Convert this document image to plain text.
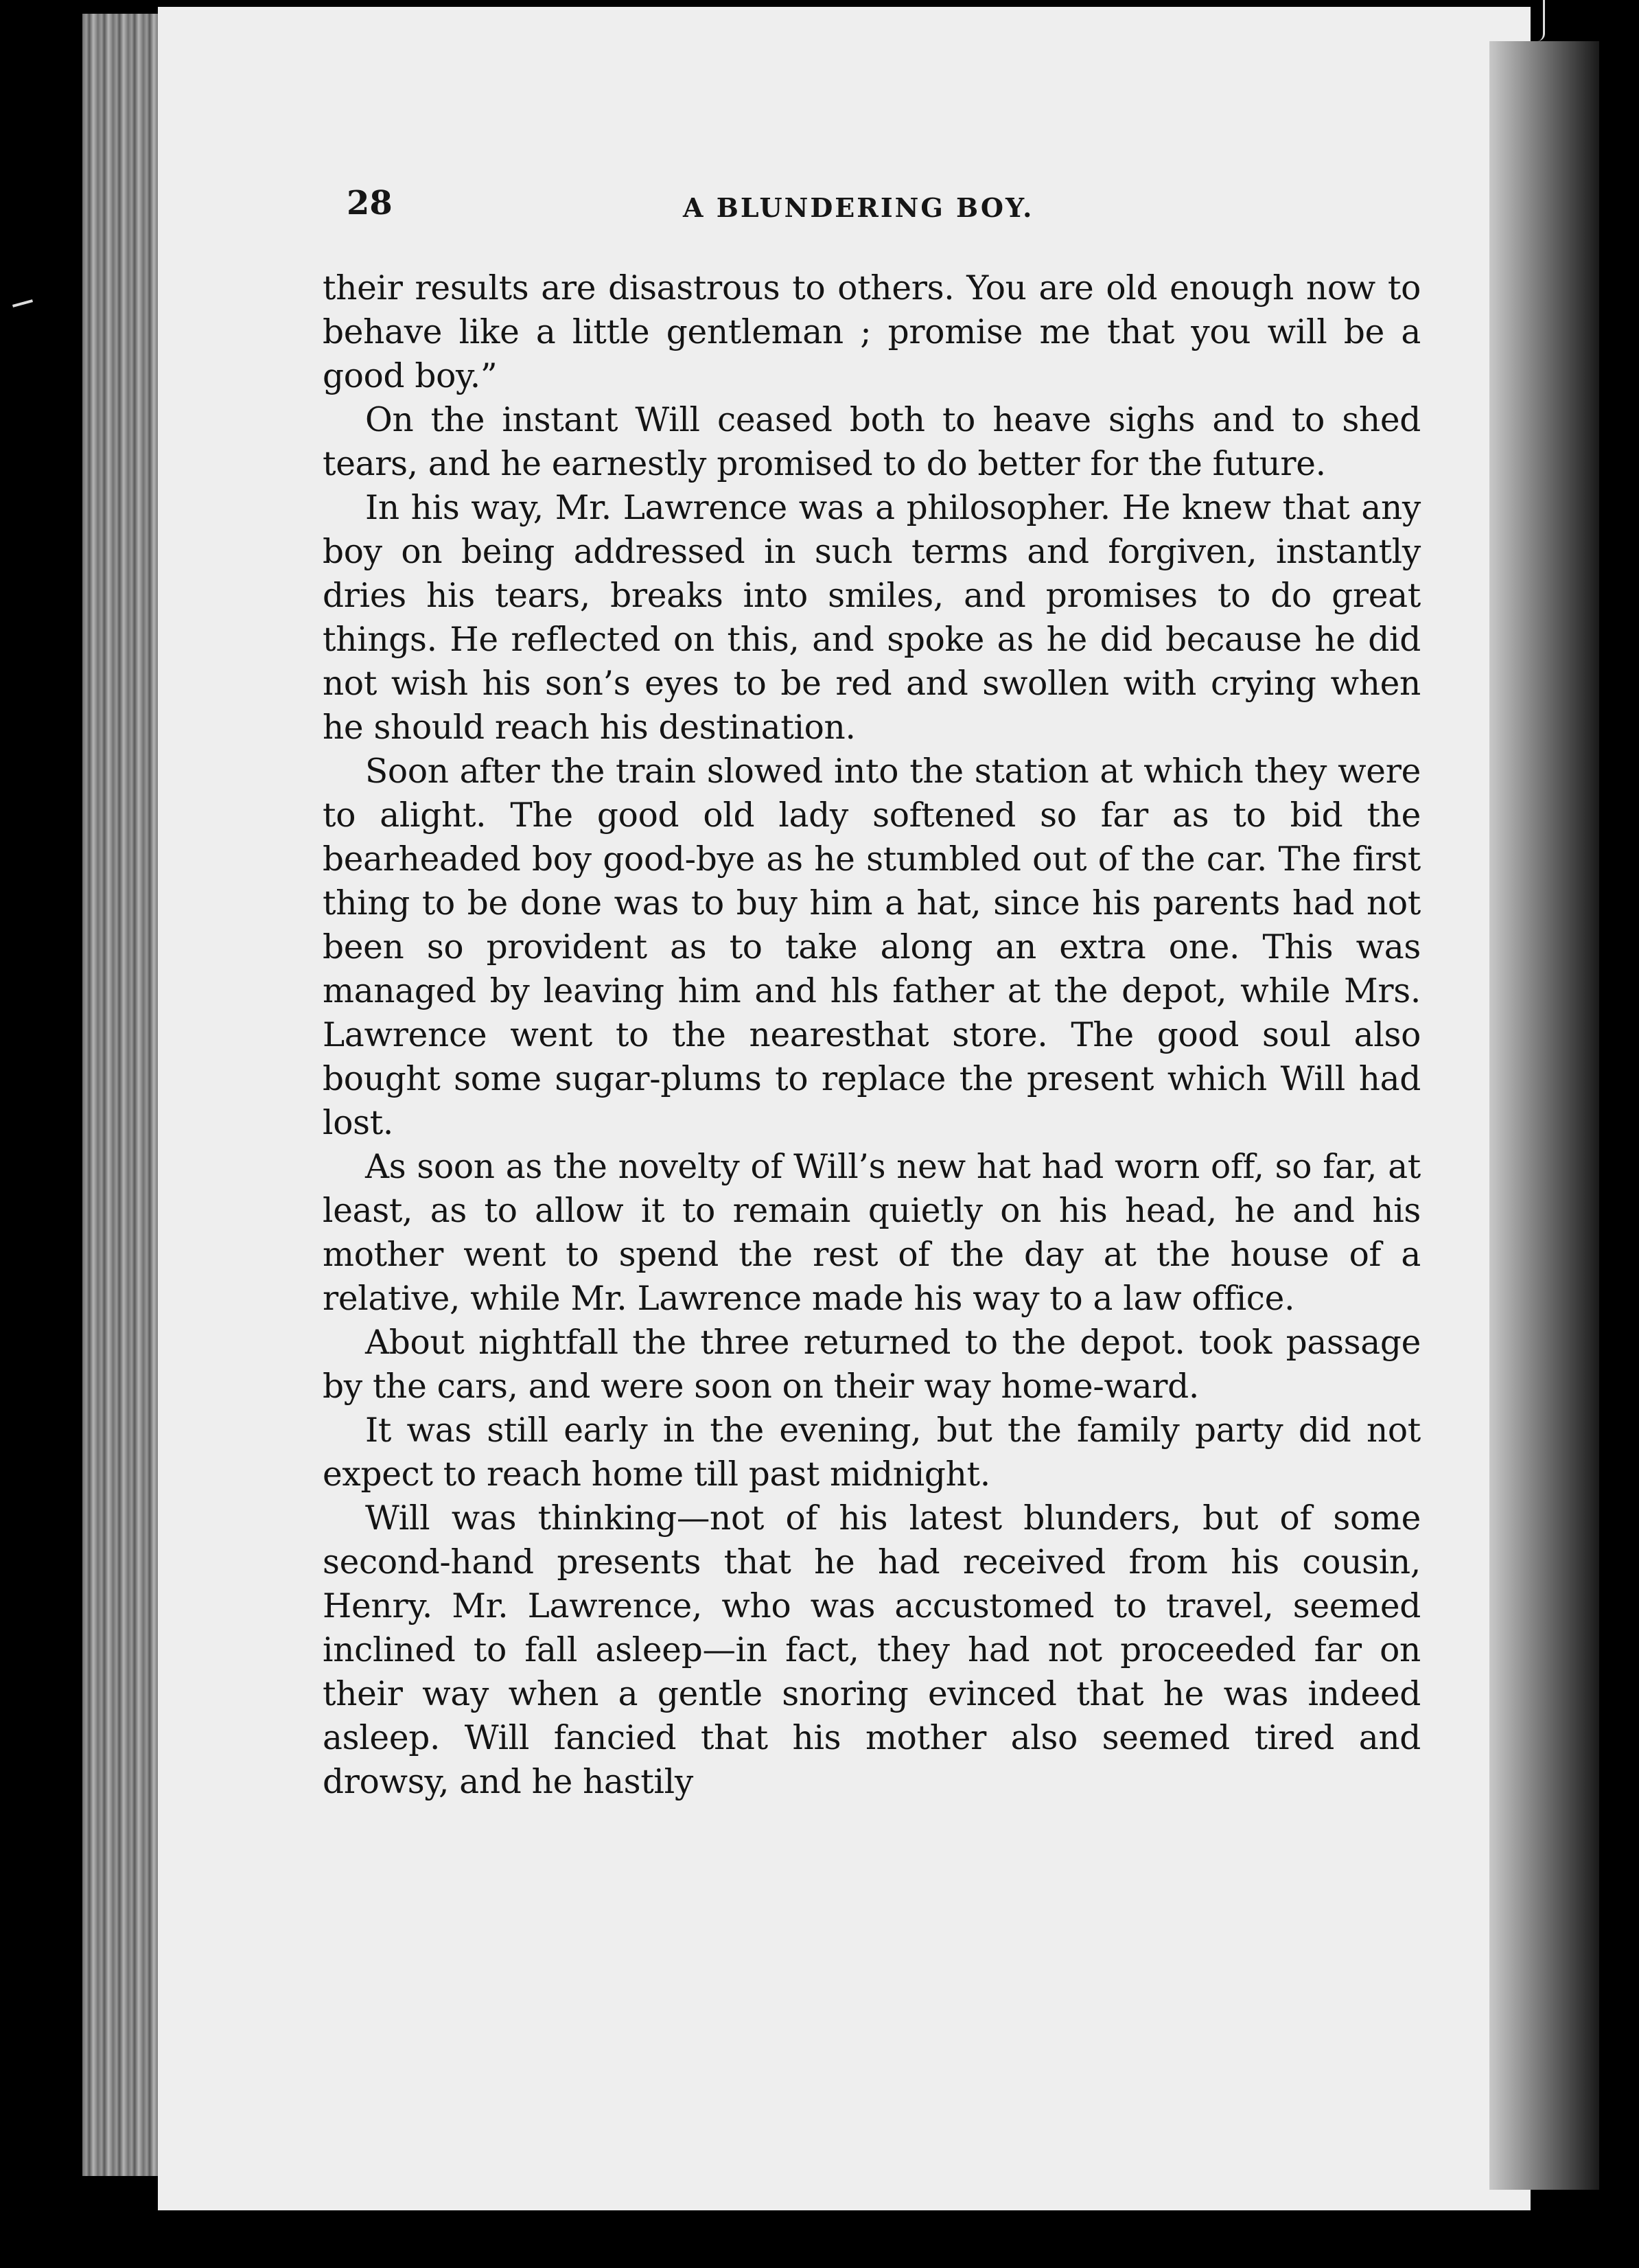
28	A BLUNDERING BOY.

their results are disastrous to others. You are old enough now to behave like a little gentleman ; promise me that you will be a good boy.”

On the instant Will ceased both to heave sighs and to shed tears, and he earnestly promised to do better for the future.

In his way, Mr. Lawrence was a philosopher. He knew that any boy on being addressed in such terms and forgiven, instantly dries his tears, breaks into smiles, and promises to do great things. He reflected on this, and spoke as he did because he did not wish his son’s eyes to be red and swollen with crying when he should reach his destination.

Soon after the train slowed into the station at which they were to alight. The good old lady softened so far as to bid the bearheaded boy good-bye as he stumbled out of the car. The first thing to be done was to buy him a hat, since his parents had not been so provident as to take along an extra one. This was managed by leaving him and hls father at the depot, while Mrs. Lawrence went to the nearesthat store. The good soul also bought some sugar-plums to replace the present which Will had lost.

As soon as the novelty of Will’s new hat had worn off, so far, at least, as to allow it to remain quietly on his head, he and his mother went to spend the rest of the day at the house of a relative, while Mr. Lawrence made his way to a law office.

About nightfall the three returned to the depot. took passage by the cars, and were soon on their way home-ward.

It was still early in the evening, but the family party did not expect to reach home till past midnight.

Will was thinking—not of his latest blunders, but of some second-hand presents that he had received from his cousin, Henry. Mr. Lawrence, who was accustomed to travel, seemed inclined to fall asleep—in fact, they had not proceeded far on their way when a gentle snoring evinced that he was indeed asleep. Will fancied that his mother also seemed tired and drowsy, and he hastily
